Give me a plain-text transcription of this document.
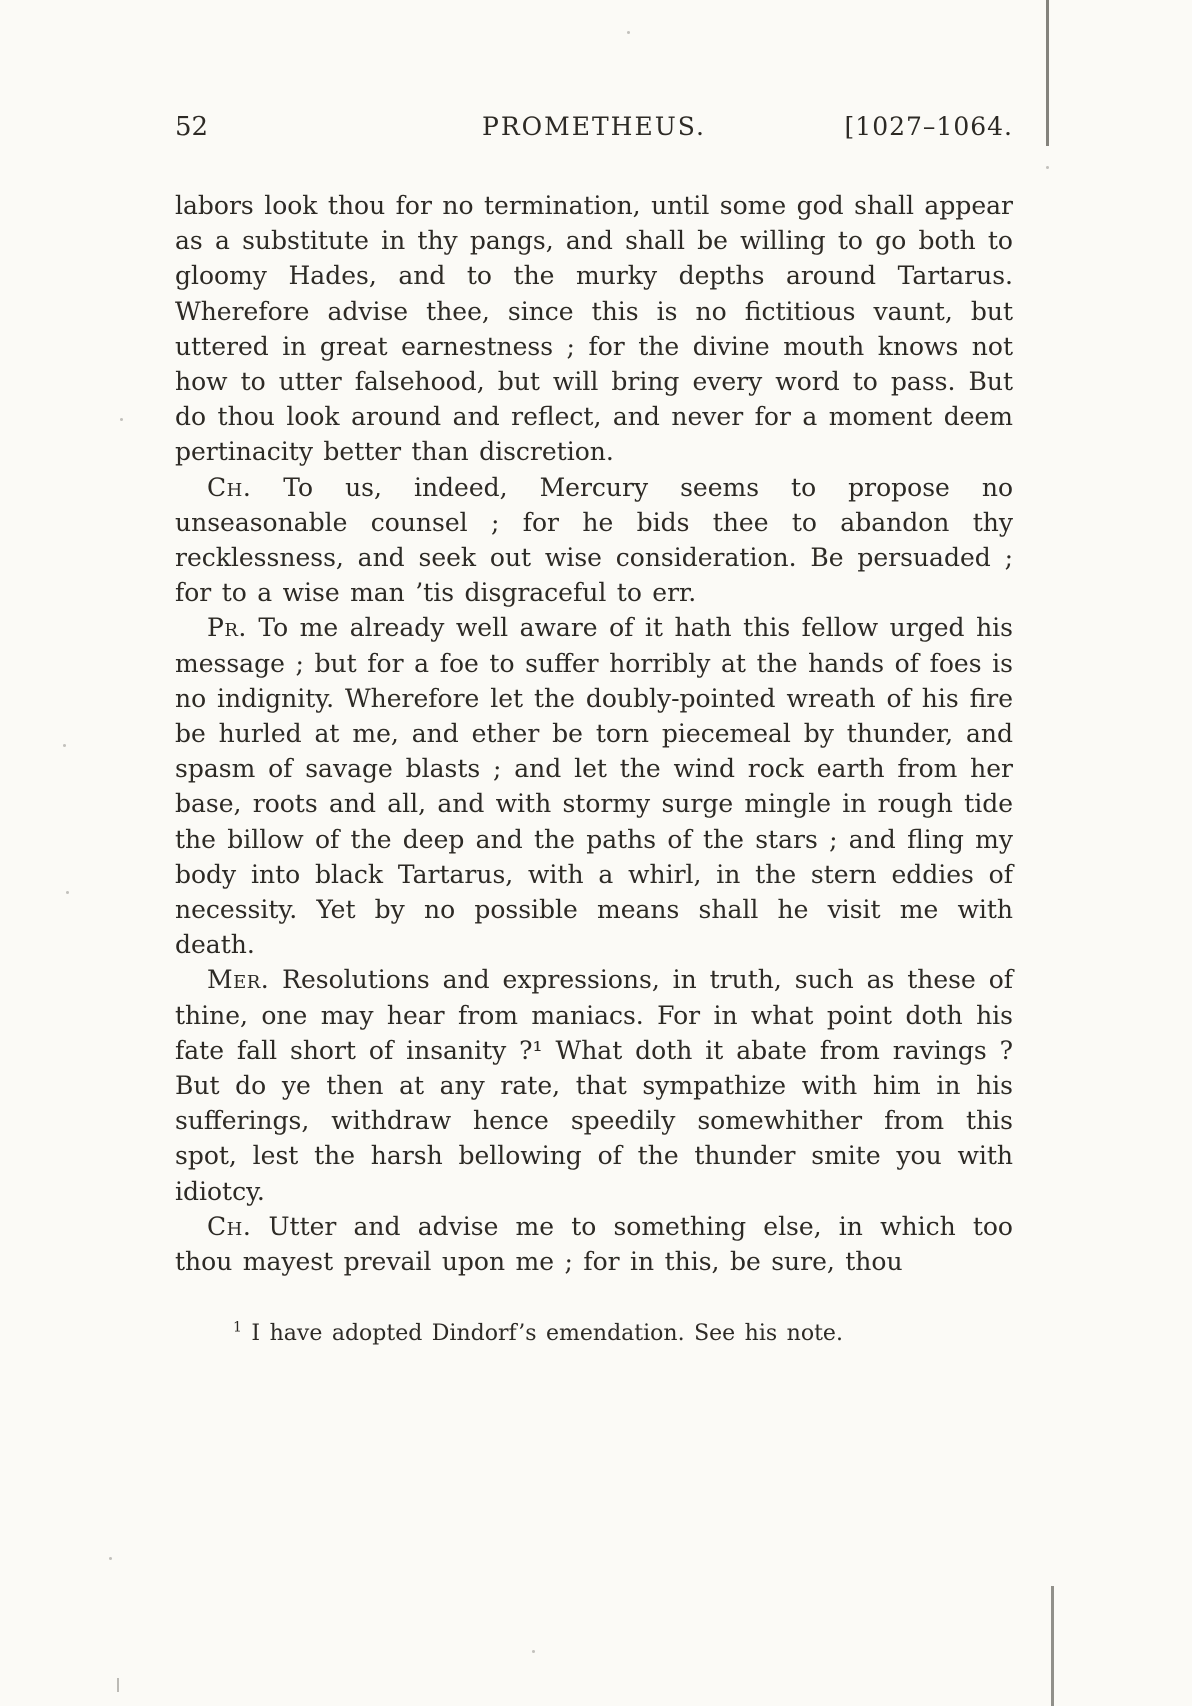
52	PROMETHEUS.	[1027–1064.

labors look thou for no termination, until some god shall appear as a substitute in thy pangs, and shall be willing to go both to gloomy Hades, and to the murky depths around Tartarus. Wherefore advise thee, since this is no fictitious vaunt, but uttered in great earnestness ; for the divine mouth knows not how to utter falsehood, but will bring every word to pass. But do thou look around and reflect, and never for a moment deem pertinacity better than discretion.

Ch. To us, indeed, Mercury seems to propose no unseasonable counsel ; for he bids thee to abandon thy recklessness, and seek out wise consideration. Be persuaded ; for to a wise man ’tis disgraceful to err.

Pr. To me already well aware of it hath this fellow urged his message ; but for a foe to suffer horribly at the hands of foes is no indignity. Wherefore let the doubly-pointed wreath of his fire be hurled at me, and ether be torn piecemeal by thunder, and spasm of savage blasts ; and let the wind rock earth from her base, roots and all, and with stormy surge mingle in rough tide the billow of the deep and the paths of the stars ; and fling my body into black Tartarus, with a whirl, in the stern eddies of necessity. Yet by no possible means shall he visit me with death.

Mer. Resolutions and expressions, in truth, such as these of thine, one may hear from maniacs. For in what point doth his fate fall short of insanity ?¹ What doth it abate from ravings ? But do ye then at any rate, that sympathize with him in his sufferings, withdraw hence speedily somewhither from this spot, lest the harsh bellowing of the thunder smite you with idiotcy.

Ch. Utter and advise me to something else, in which too thou mayest prevail upon me ; for in this, be sure, thou

$^1$ I have adopted Dindorf’s emendation. See his note.
